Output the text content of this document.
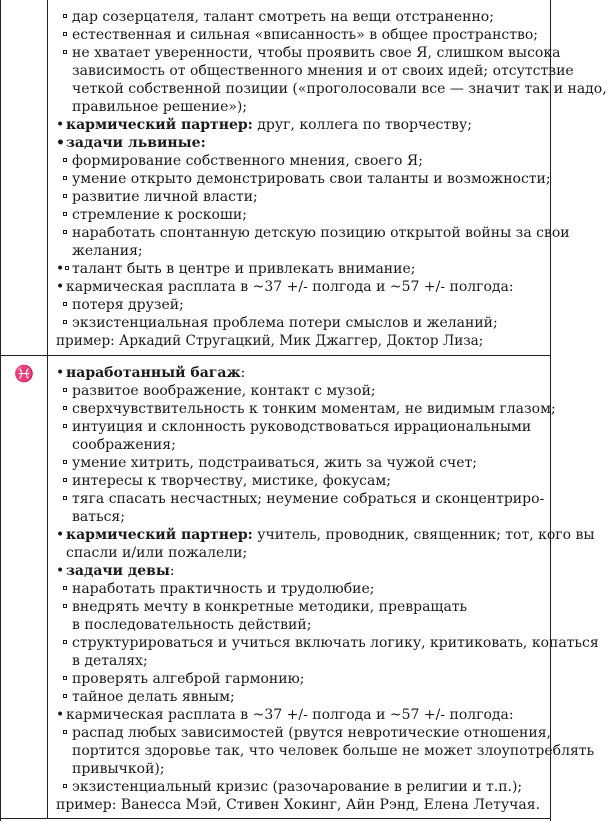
дар созерцателя, талант смотреть на вещи отстраненно;
естественная и сильная «вписанность» в общее пространство;
не хватает уверенности, чтобы проявить свое Я, слишком высока
зависимость от общественного мнения и от своих идей; отсутствие
четкой собственной позиции («проголосовали все — значит так и надо,
правильное решение»);
• кармический партнер: друг, коллега по творчеству;
• задачи львиные:
формирование собственного мнения, своего Я;
умение открыто демонстрировать свои таланты и возможности;
развитие личной власти;
стремление к роскоши;
наработать спонтанную детскую позицию открытой войны за свои
желания;
• талант быть в центре и привлекать внимание;
• кармическая расплата в ~37 +/- полгода и ~57 +/- полгода:
потеря друзей;
экзистенциальная проблема потери смыслов и желаний;
пример: Аркадий Стругацкий, Мик Джаггер, Доктор Лиза;
♓
•	наработанный багаж:
развитое воображение, контакт с музой;
сверхчувствительность к тонким моментам, не видимым глазом;
интуиция и склонность руководствоваться иррациональными
соображения;
умение хитрить, подстраиваться, жить за чужой счет;
интересы к творчеству, мистике, фокусам;
тяга спасать несчастных; неумение собраться и сконцентриро-
ваться;
• кармический партнер: учитель, проводник, священник; тот, кого вы
спасли и/или пожалели;
• задачи девы:
наработать практичность и трудолюбие;
внедрять мечту в конкретные методики, превращать
в последовательность действий;
структурироваться и учиться включать логику, критиковать, копаться
в деталях;
проверять алгеброй гармонию;
тайное делать явным;
• кармическая расплата в ~37 +/- полгода и ~57 +/- полгода:
распад любых зависимостей (рвутся невротические отношения,
портится здоровье так, что человек больше не может злоупотреблять
привычкой);
экзистенциальный кризис (разочарование в религии и т.п.);
пример: Ванесса Мэй, Стивен Хокинг, Айн Рэнд, Елена Летучая.
